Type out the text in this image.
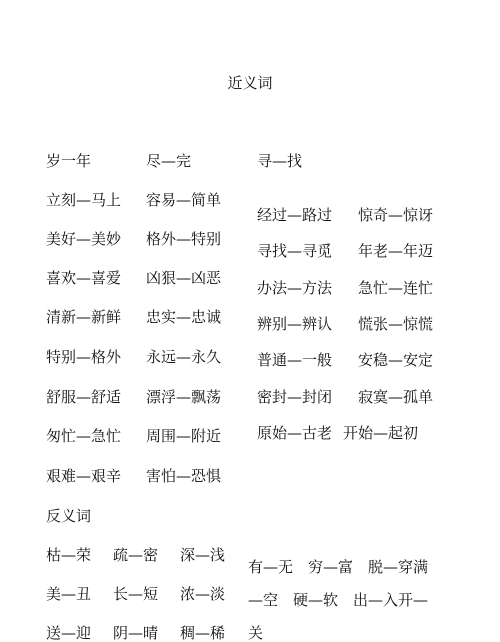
近义词
岁一年
立刻—马上
美好—美妙
喜欢—喜爱
清新—新鲜
特别—格外
舒服—舒适
匆忙—急忙
艰难—艰辛
尽—完
容易—简单
格外—特别
凶狠—凶恶
忠实—忠诚
永远—永久
漂浮—飘荡
周围—附近
害怕—恐惧
寻—找
经过—路过
寻找—寻觅
办法—方法
辨别—辨认
普通—一般
密封—封闭
原始—古老
惊奇—惊讶
年老—年迈
急忙—连忙
慌张—惊慌
安稳—安定
寂寞—孤单
开始—起初
反义词
枯—荣 疏—密 深—浅
美—丑 长—短 浓—淡
送—迎 阴—晴 稠—稀
有—无　穷—富　脱—穿满
—空　硬—软　出—入开—
关
